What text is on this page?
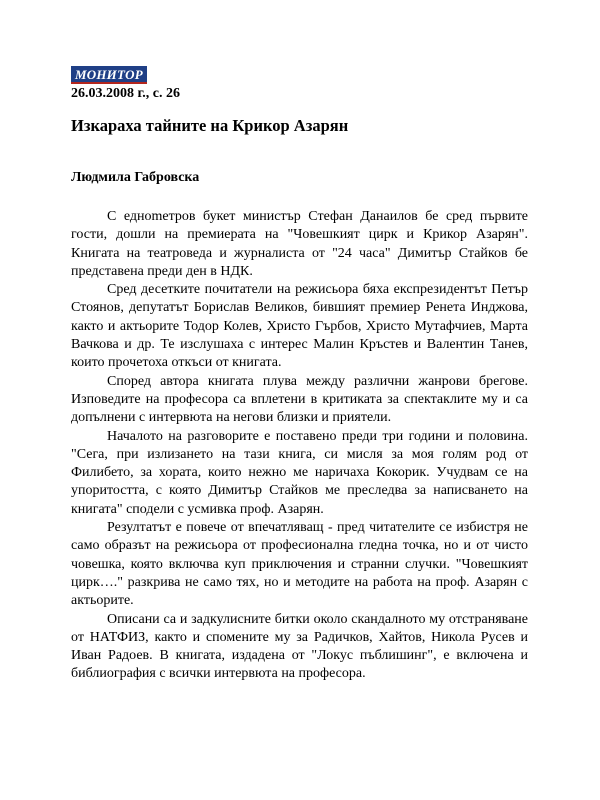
МОНИТОР
26.03.2008 г., с. 26
Изкараха тайните на Крикор Азарян
Людмила Габровска

С едноmетров букет министър Стефан Данаилов бе сред първите гости, дошли на премиерата на "Човешкият цирк и Крикор Азарян". Книгата на театроведа и журналиста от "24 часа" Димитър Стайков бе представена преди ден в НДК.

Сред десетките почитатели на режисьора бяха експрезидентът Петър Стоянов, депутатът Борислав Великов, бившият премиер Ренета Инджова, както и актьорите Тодор Колев, Христо Гърбов, Христо Мутафчиев, Марта Вачкова и др. Те изслушаха с интерес Малин Кръстев и Валентин Танев, които прочетоха откъси от книгата.

Според автора книгата плува между различни жанрови брегове. Изповедите на професора са вплетени в критиката за спектаклите му и са допълнени с интервюта на негови близки и приятели.

Началото на разговорите е поставено преди три години и половина. "Сега, при излизането на тази книга, си мисля за моя голям род от Филибето, за хората, които нежно ме наричаха Кокорик. Учудвам се на упоритостта, с която Димитър Стайков ме преследва за написването на книгата" сподели с усмивка проф. Азарян.

Резултатът е повече от впечатляващ - пред читателите се избистря не само образът на режисьора от професионална гледна точка, но и от чисто човешка, която включва куп приключения и странни случки. "Човешкият цирк…." разкрива не само тях, но и методите на работа на проф. Азарян с актьорите.

Описани са и задкулисните битки около скандалното му отстраняване от НАТФИЗ, както и спомените му за Радичков, Хайтов, Никола Русев и Иван Радоев. В книгата, издадена от "Локус пъблишинг", е включена и библиография с всички интервюта на професора.
